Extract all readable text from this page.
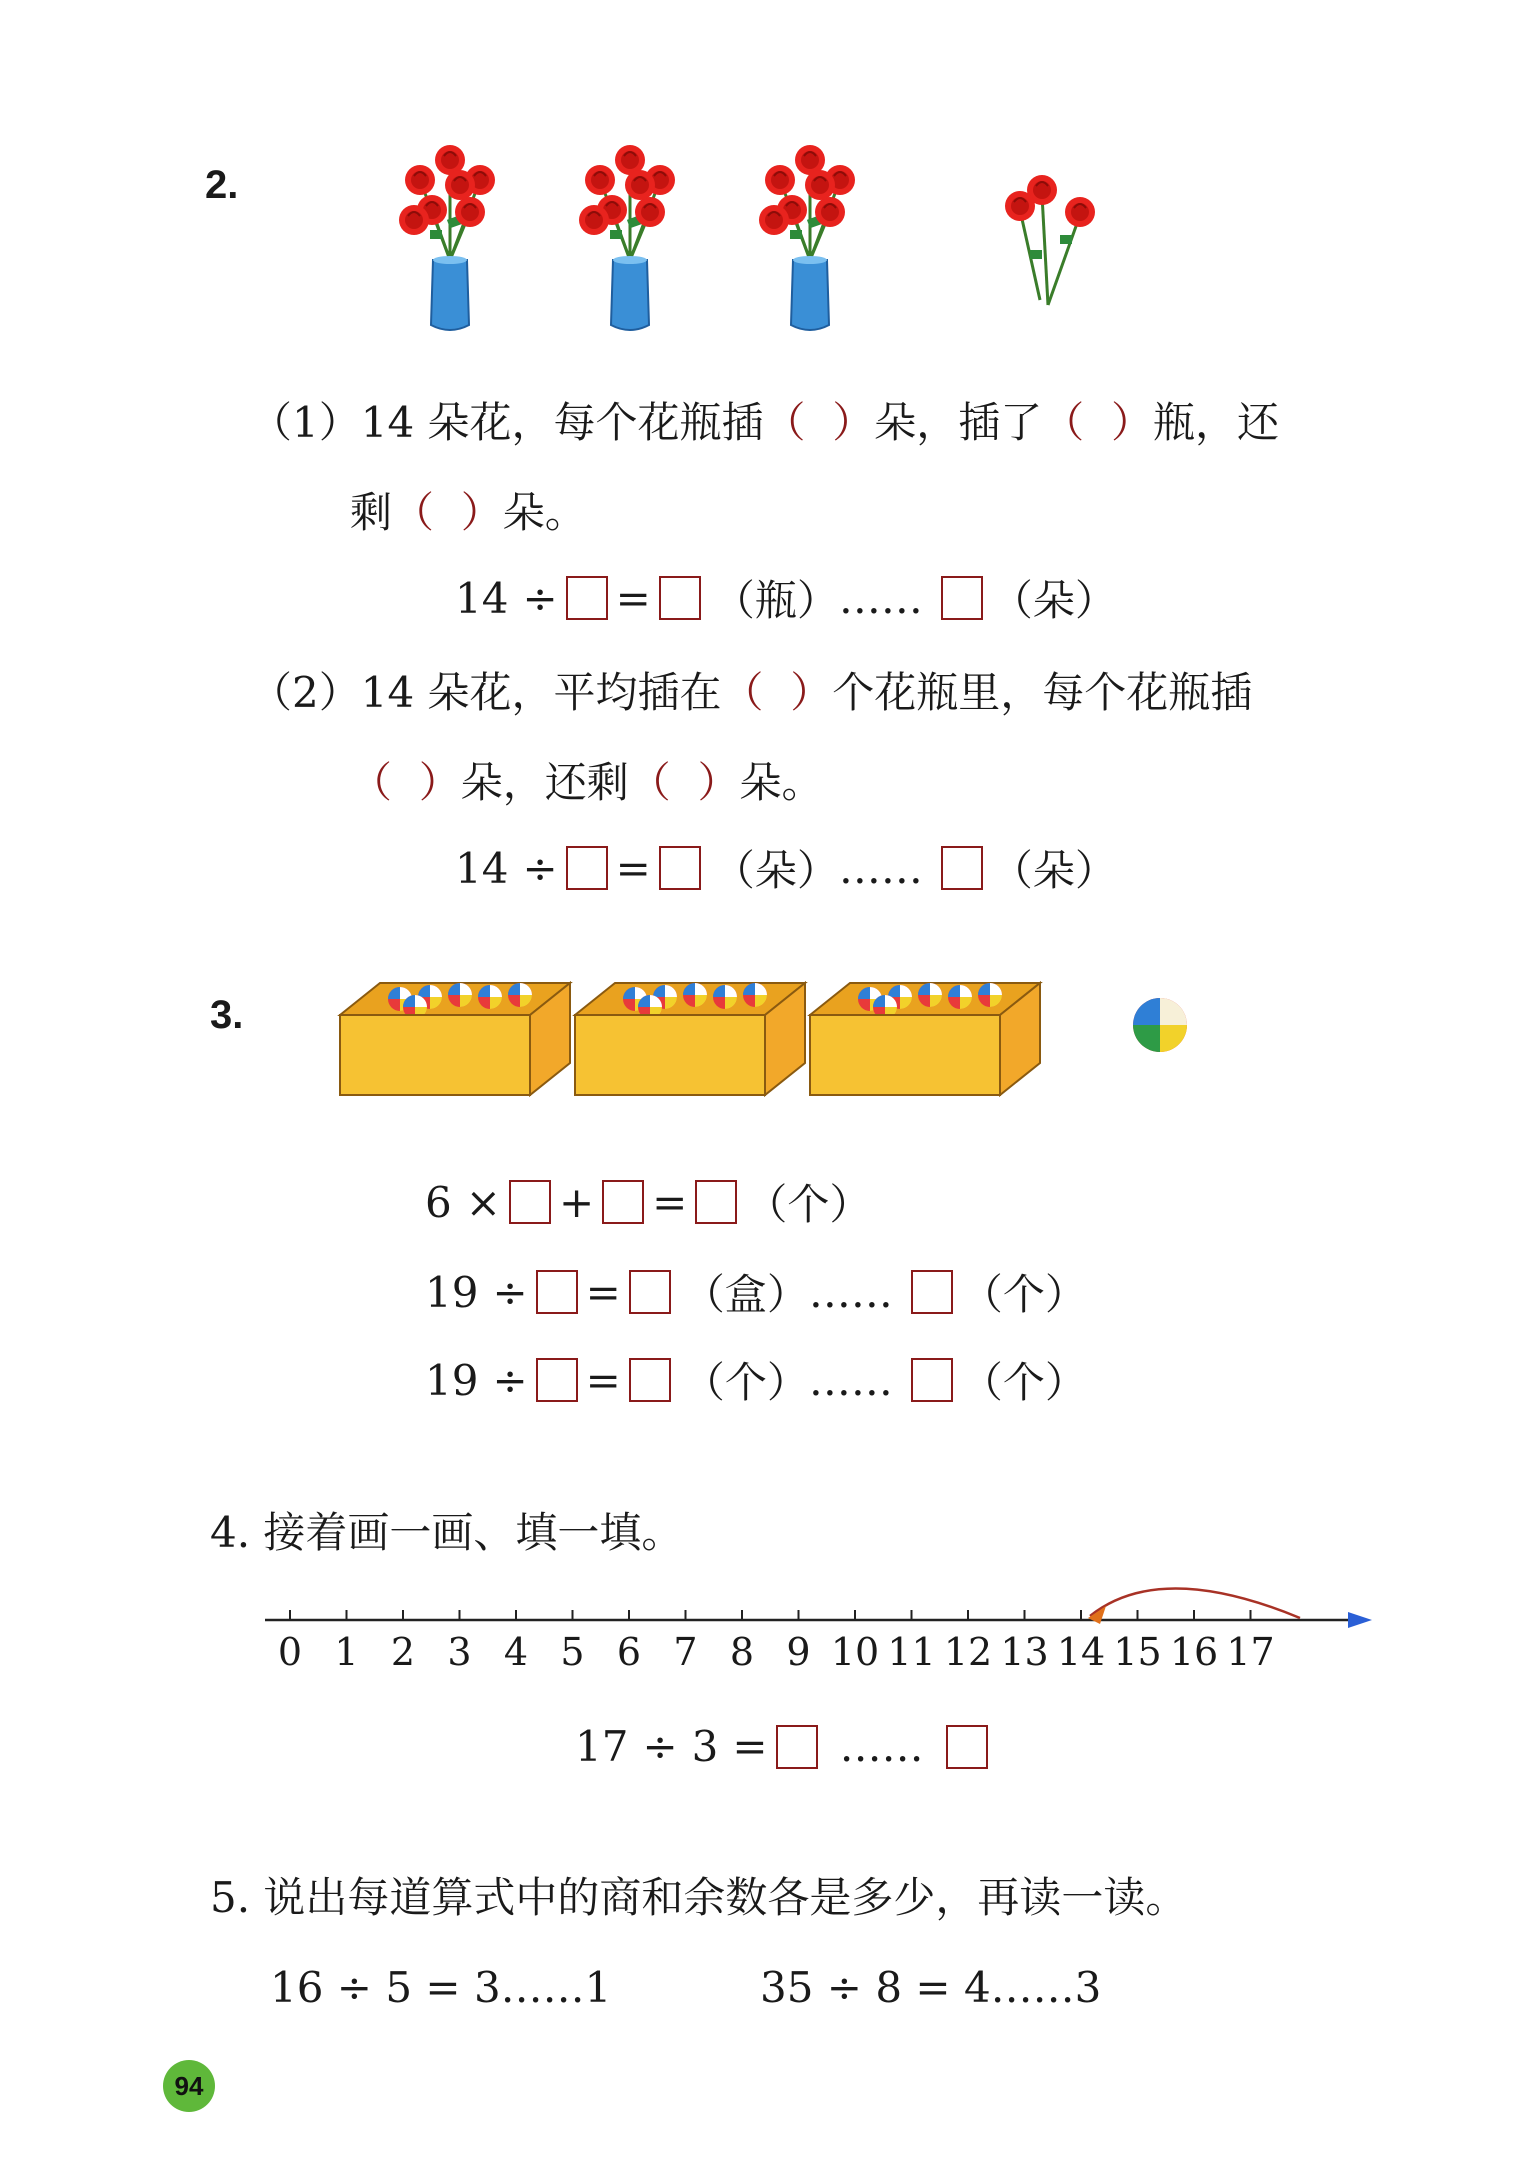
2.
（1）14 朵花，每个花瓶插（ ）朵，插了（ ）瓶，还
剩（ ）朵。
14 ÷ = （瓶） …… （朵）
（2）14 朵花，平均插在（ ）个花瓶里，每个花瓶插
（ ）朵，还剩（ ）朵。
14 ÷ = （朵） …… （朵）
3.
6 × + = （个）
19 ÷ = （盒） …… （个）
19 ÷ = （个） …… （个）
4. 接着画一画、填一填。
0 1 2 3 4 5 6 7 8 9 10 11 12 13 14 15 16 17
17 ÷ 3 = ……
5. 说出每道算式中的商和余数各是多少，再读一读。
16 ÷ 5 = 3……1	35 ÷ 8 = 4……3
94
